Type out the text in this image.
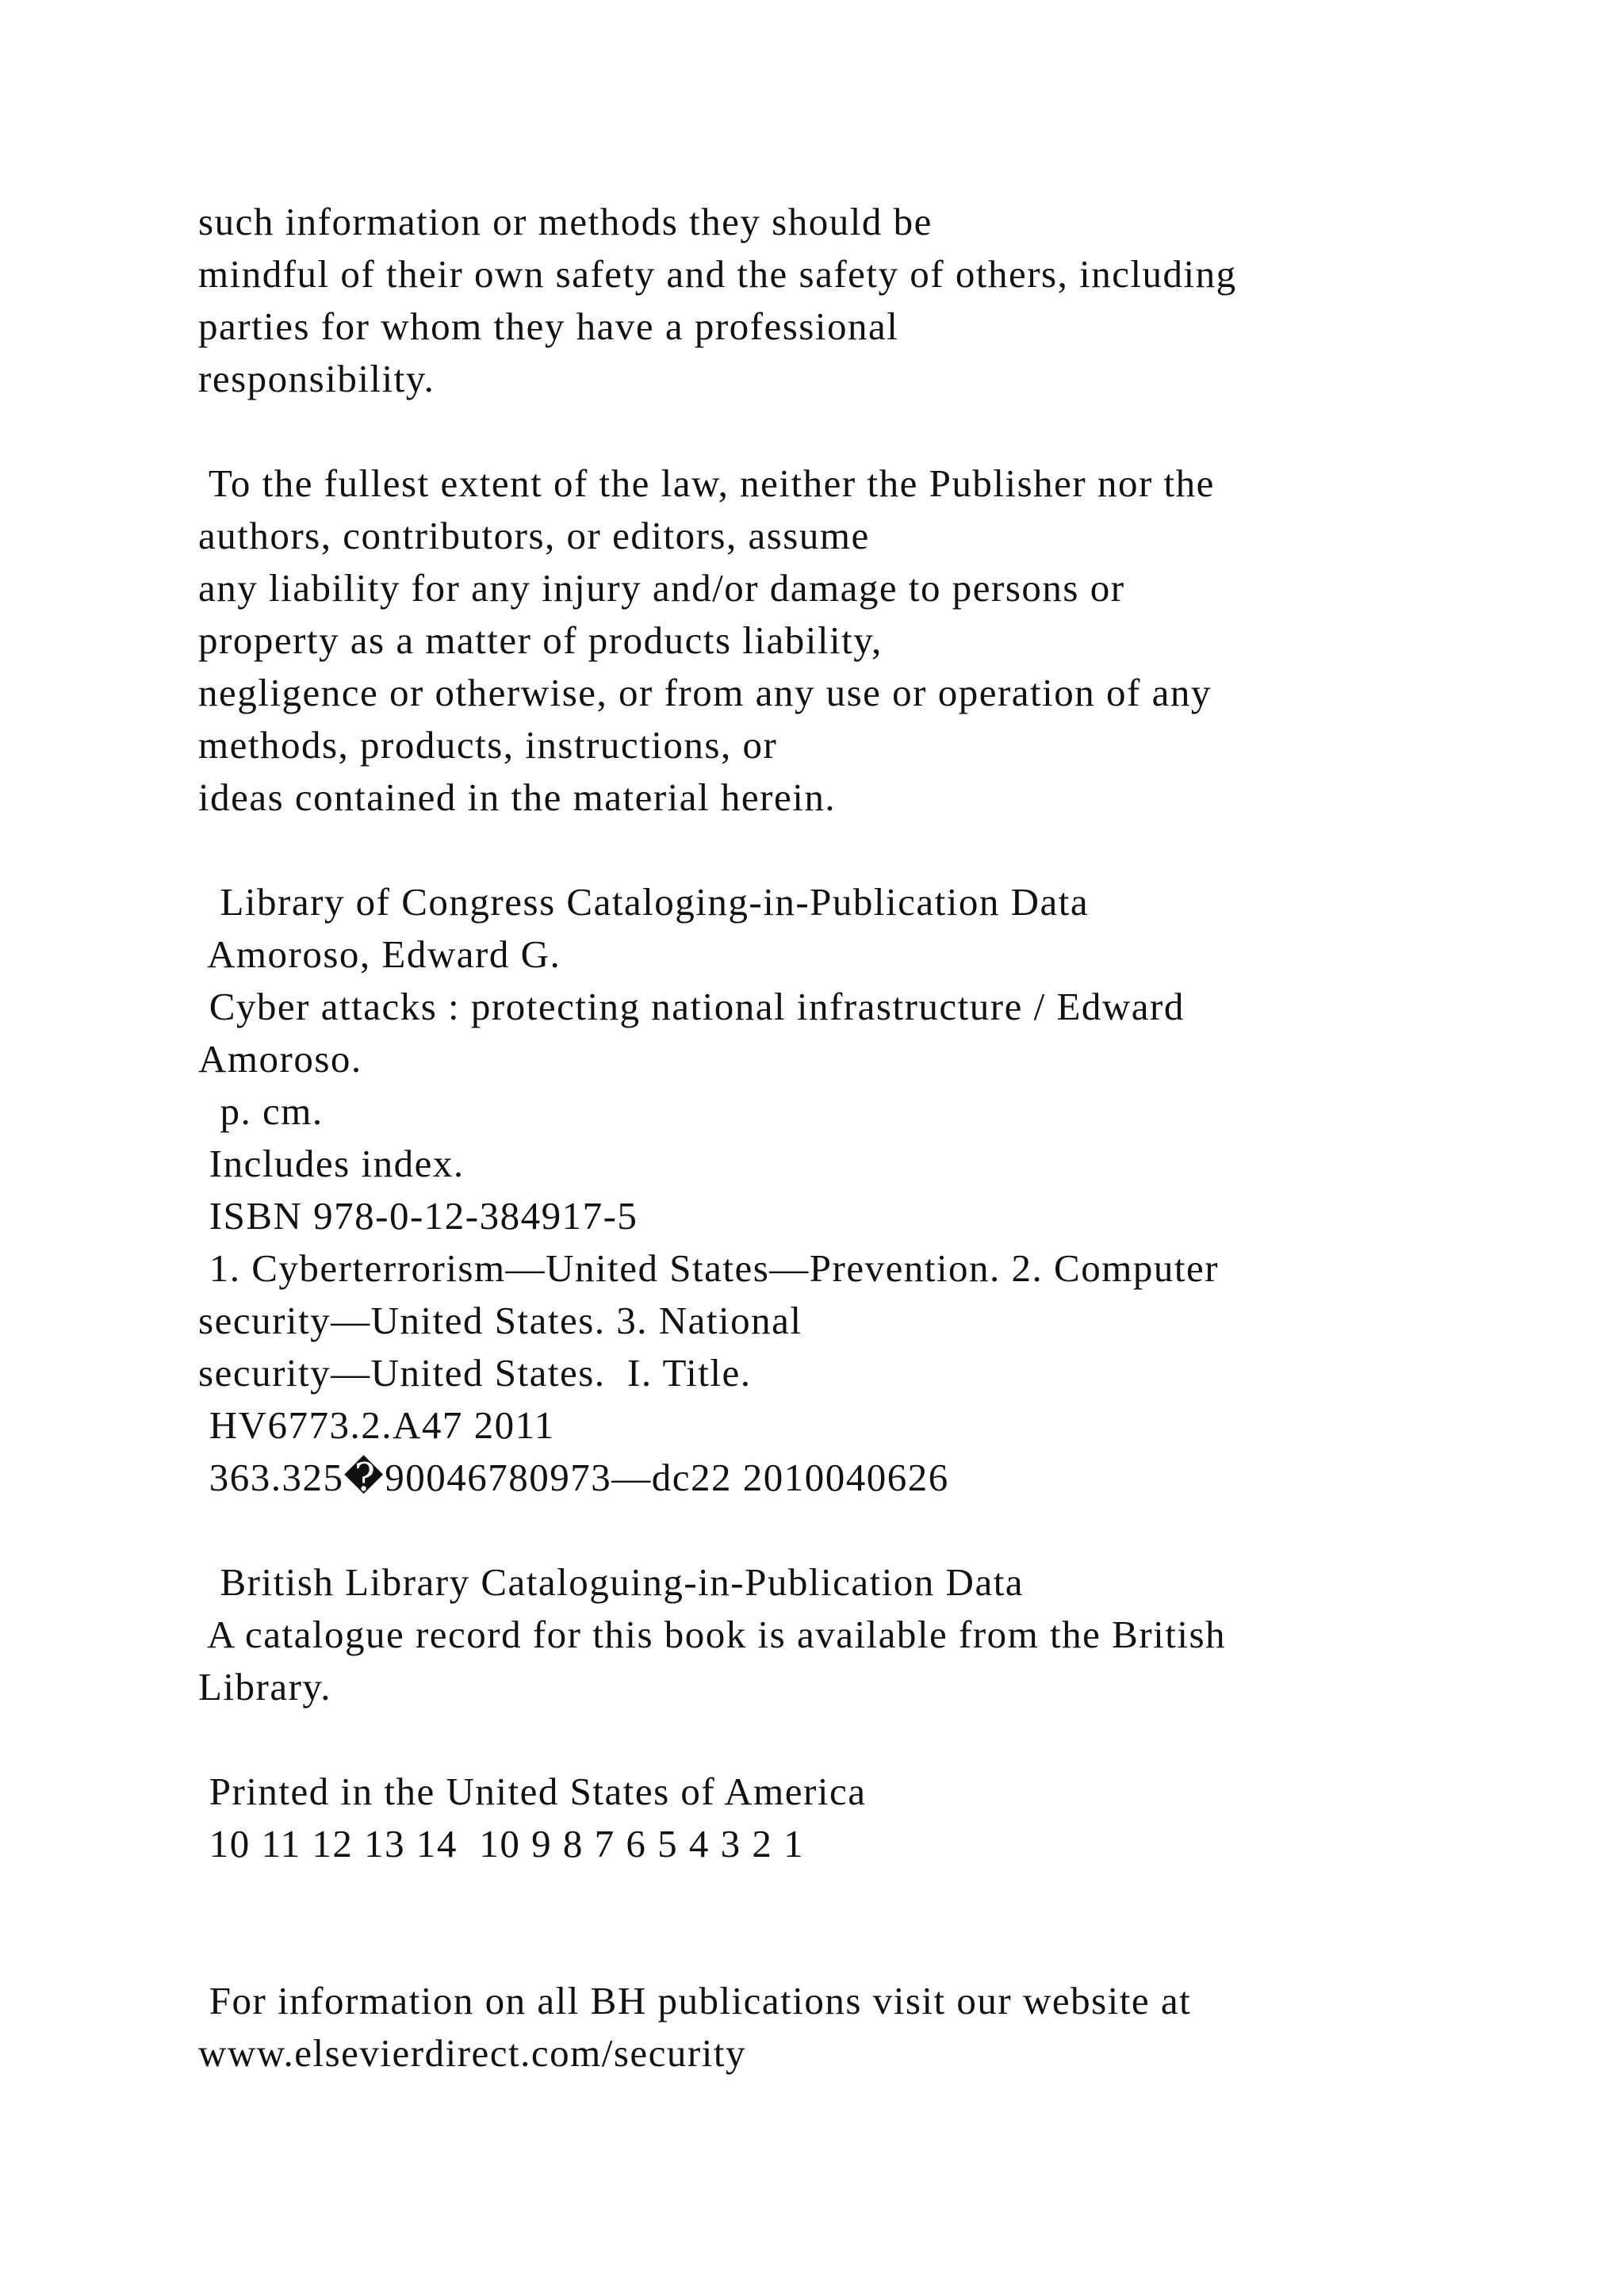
such information or methods they should be
mindful of their own safety and the safety of others, including
parties for whom they have a professional
responsibility.
To the fullest extent of the law, neither the Publisher nor the
authors, contributors, or editors, assume
any liability for any injury and/or damage to persons or
property as a matter of products liability,
negligence or otherwise, or from any use or operation of any
methods, products, instructions, or
ideas contained in the material herein.
Library of Congress Cataloging-in-Publication Data
Amoroso, Edward G.
Cyber attacks : protecting national infrastructure / Edward
Amoroso.
p. cm.
Includes index.
ISBN 978-0-12-384917-5
1. Cyberterrorism—United States—Prevention. 2. Computer
security—United States. 3. National
security—United States.  I. Title.
HV6773.2.A47 2011
363.325�90046780973—dc22 2010040626
British Library Cataloguing-in-Publication Data
A catalogue record for this book is available from the British
Library.
Printed in the United States of America
10 11 12 13 14  10 9 8 7 6 5 4 3 2 1
For information on all BH publications visit our website at
www.elsevierdirect.com/security
